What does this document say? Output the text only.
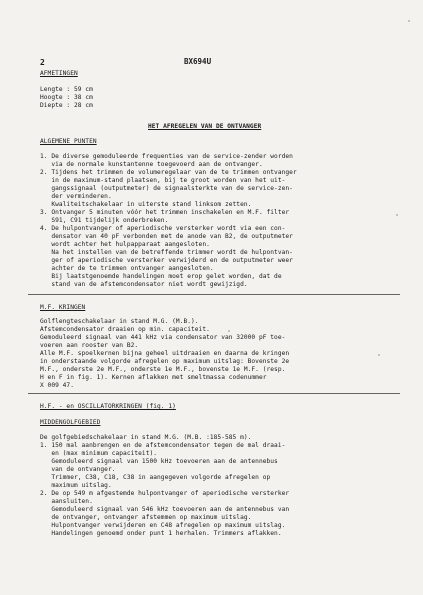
2	BX694U
AFMETINGEN
Lengte : 59 cm
Hoogte : 38 cm
Diepte : 28 cm
HET AFREGELEN VAN DE ONTVANGER
ALGEMENE PUNTEN
1. De diverse gemoduleerde frequenties van de service-zender worden
via de normale kunstantenne toegevoerd aan de ontvanger.
2. Tijdens het trimmen de volumeregelaar van de te trimmen ontvanger
in de maximum-stand plaatsen, bij te groot worden van het uit-
gangssignaal (outputmeter) de signaalsterkte van de service-zen-
der verminderen.
Kwaliteitschakelaar in uiterste stand linksom zetten.
3. Ontvanger 5 minuten vóór het trimmen inschakelen en M.F. filter
S91, C91 tijdelijk onderbreken.
4. De hulpontvanger of aperiodische versterker wordt via een con-
densator van 40 pF verbonden met de anode van B2, de outputmeter
wordt achter het hulpapparaat aangesloten.
Na het instellen van de betreffende trimmer wordt de hulpontvan-
ger of aperiodische versterker verwijderd en de outputmeter weer
achter de te trimmen ontvanger aangesloten.
Bij laatstgenoemde handelingen moet erop gelet worden, dat de
stand van de afstemcondensator niet wordt gewijzigd.
M.F. KRINGEN
Golflengteschakelaar in stand M.G. (M.B.).
Afstemcondensator draaien op min. capaciteit.
Gemoduleerd signaal van 441 kHz via condensator van 32000 pF toe-
voeren aan rooster van B2.
Alle M.F. spoelkernen bijna geheel uitdraaien en daarna de kringen
in onderstaande volgorde afregelen op maximum uitslag: Bovenste 2e
M.F., onderste 2e M.F., onderste 1e M.F., bovenste 1e M.F. (resp.
H en F in fig. 1). Kernen aflakken met smeltmassa codenummer
X 009 47.
H.F. - en OSCILLATORKRINGEN (fig. 1)
MIDDENGOLFGEBIED
De golfgebiedschakelaar in stand M.G. (M.B. :185-585 m).
1. 150 mal aanbrengen en de afstemcondensator tegen de mal draai-
en (max minimum capaciteit).
Gemoduleerd signaal van 1500 kHz toevoeren aan de antennebus
van de ontvanger.
Trimmer, C38, C18, C38 in aangegeven volgorde afregelen op
maximum uitslag.
2. De op 549 m afgestemde hulpontvanger of aperiodische versterker
aansluiten.
Gemoduleerd signaal van 546 kHz toevoeren aan de antennebus van
de ontvanger, ontvanger afstemmen op maximum uitslag.
Hulpontvanger verwijderen en C48 afregelen op maximum uitslag.
Handelingen genoemd onder punt 1 herhalen. Trimmers aflakken.
